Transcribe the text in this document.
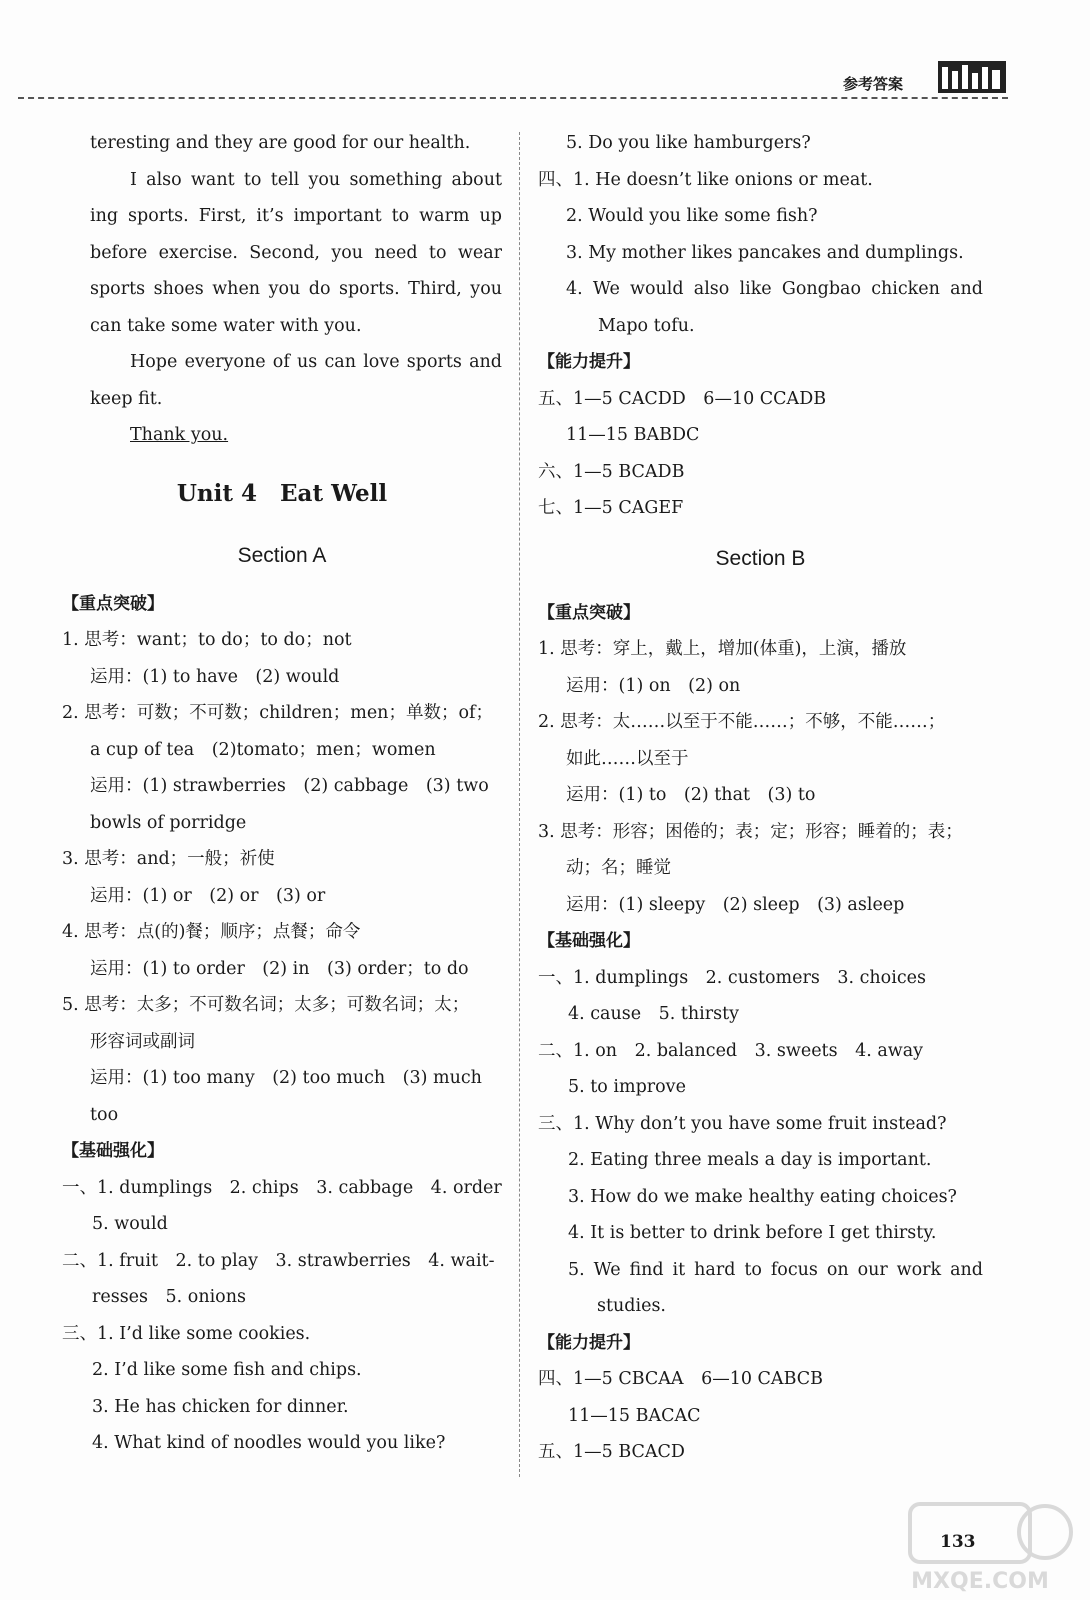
参考答案
teresting and they are good for our health.
I also want to tell you something about
ing sports. First, it’s important to warm up
before exercise. Second, you need to wear
sports shoes when you do sports. Third, you
can take some water with you.
Hope everyone of us can love sports and
keep fit.
Thank you.
Unit 4　Eat Well
Section A
【重点突破】
1. 思考：want；to do；to do；not
运用：(1) to have　(2) would
2. 思考：可数；不可数；children；men；单数；of；
a cup of tea　(2)tomato；men；women
运用：(1) strawberries　(2) cabbage　(3) two
bowls of porridge
3. 思考：and；一般；祈使
运用：(1) or　(2) or　(3) or
4. 思考：点(的)餐；顺序；点餐；命令
运用：(1) to order　(2) in　(3) order；to do
5. 思考：太多；不可数名词；太多；可数名词；太；
形容词或副词
运用：(1) too many　(2) too much　(3) much
too
【基础强化】
一、1. dumplings　2. chips　3. cabbage　4. order
5. would
二、1. fruit　2. to play　3. strawberries　4. wait-
resses　5. onions
三、1. I’d like some cookies.
2. I’d like some fish and chips.
3. He has chicken for dinner.
4. What kind of noodles would you like?
5. Do you like hamburgers?
四、1. He doesn’t like onions or meat.
2. Would you like some fish?
3. My mother likes pancakes and dumplings.
4. We would also like Gongbao chicken and
Mapo tofu.
【能力提升】
五、1—5 CACDD　6—10 CCADB
11—15 BABDC
六、1—5 BCADB
七、1—5 CAGEF
Section B
【重点突破】
1. 思考：穿上，戴上，增加(体重)，上演，播放
运用：(1) on　(2) on
2. 思考：太……以至于不能……；不够，不能……；
如此……以至于
运用：(1) to　(2) that　(3) to
3. 思考：形容；困倦的；表；定；形容；睡着的；表；
动；名；睡觉
运用：(1) sleepy　(2) sleep　(3) asleep
【基础强化】
一、1. dumplings　2. customers　3. choices
4. cause　5. thirsty
二、1. on　2. balanced　3. sweets　4. away
5. to improve
三、1. Why don’t you have some fruit instead?
2. Eating three meals a day is important.
3. How do we make healthy eating choices?
4. It is better to drink before I get thirsty.
5. We find it hard to focus on our work and
studies.
【能力提升】
四、1—5 CBCAA　6—10 CABCB
11—15 BACAC
五、1—5 BCACD
133
MXQE.COM
